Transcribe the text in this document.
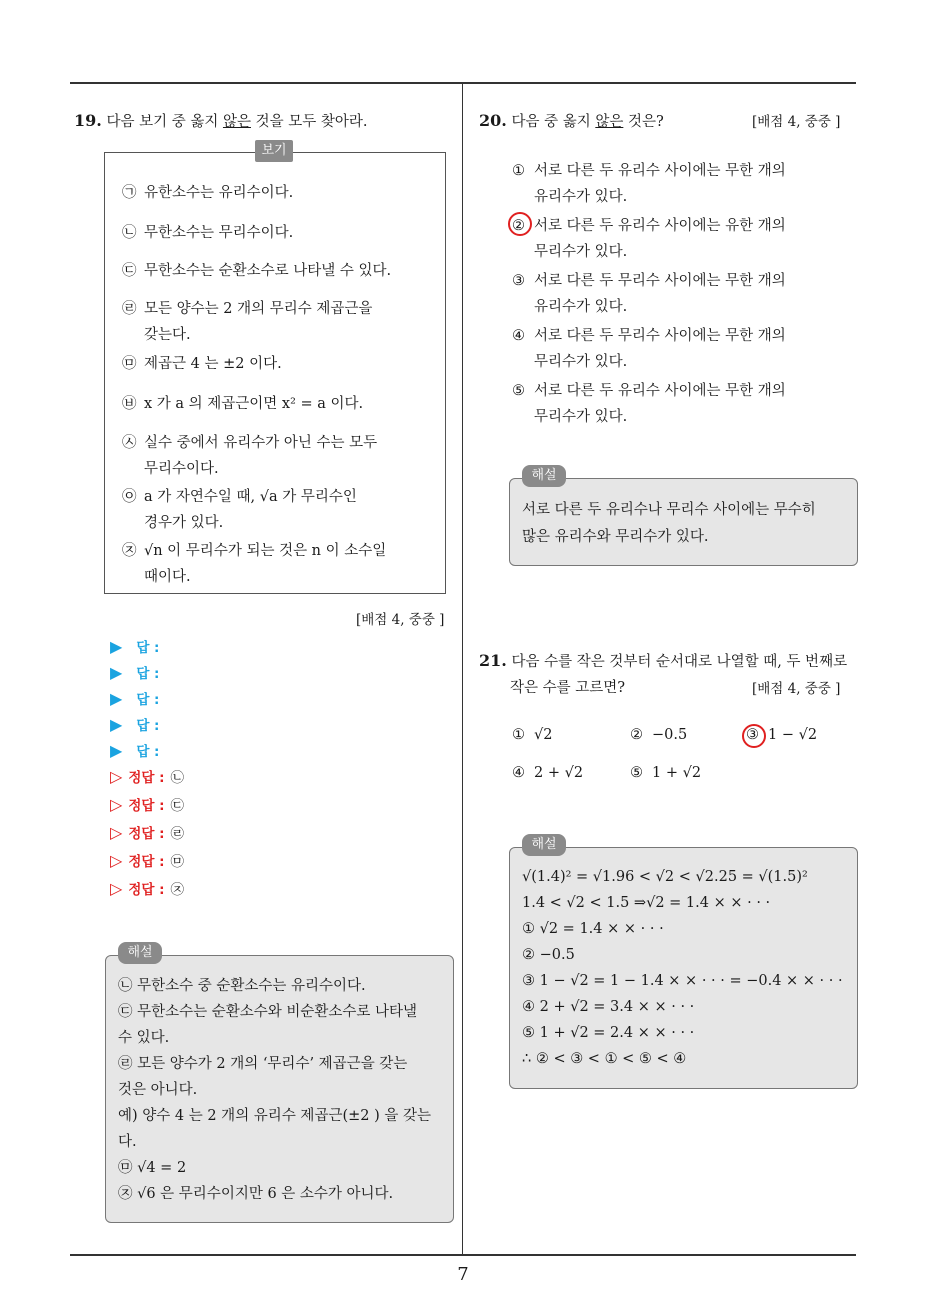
19. 다음 보기 중 옳지 않은 것을 모두 찾아라.
보기
㉠ 유한소수는 유리수이다.
㉡ 무한소수는 무리수이다.
㉢ 무한소수는 순환소수로 나타낼 수 있다.
㉣ 모든 양수는 2 개의 무리수 제곱근을
갖는다.
㉤ 제곱근 4 는 ±2 이다.
㉥ x 가 a 의 제곱근이면 x² = a 이다.
㉦ 실수 중에서 유리수가 아닌 수는 모두
무리수이다.
㉧ a 가 자연수일 때, √a 가 무리수인
경우가 있다.
㉨ √n 이 무리수가 되는 것은 n 이 소수일
때이다.
[배점 4, 중중 ]
▶ 답 :
▶ 답 :
▶ 답 :
▶ 답 :
▶ 답 :
▷ 정답 : ㉡
▷ 정답 : ㉢
▷ 정답 : ㉣
▷ 정답 : ㉤
▷ 정답 : ㉨
해설
㉡ 무한소수 중 순환소수는 유리수이다.
㉢ 무한소수는 순환소수와 비순환소수로 나타낼
수 있다.
㉣ 모든 양수가 2 개의 ‘무리수’ 제곱근을 갖는
것은 아니다.
예) 양수 4 는 2 개의 유리수 제곱근(±2 ) 을 갖는
다.
㉤ √4 = 2
㉨ √6 은 무리수이지만 6 은 소수가 아니다.
20. 다음 중 옳지 않은 것은?	[배점 4, 중중 ]
① 서로 다른 두 유리수 사이에는 무한 개의
유리수가 있다.
② 서로 다른 두 유리수 사이에는 유한 개의
무리수가 있다.
③ 서로 다른 두 무리수 사이에는 무한 개의
유리수가 있다.
④ 서로 다른 두 무리수 사이에는 무한 개의
무리수가 있다.
⑤ 서로 다른 두 유리수 사이에는 무한 개의
무리수가 있다.
해설
서로 다른 두 유리수나 무리수 사이에는 무수히
많은 유리수와 무리수가 있다.
21. 다음 수를 작은 것부터 순서대로 나열할 때, 두 번째로
작은 수를 고르면?	[배점 4, 중중 ]
① √2	② −0.5	③ 1 − √2
④ 2 + √2	⑤ 1 + √2
해설
√(1.4)² = √1.96 < √2 < √2.25 = √(1.5)²
1.4 < √2 < 1.5 ⇒√2 = 1.4 × × · · ·
① √2 = 1.4 × × · · ·
② −0.5
③ 1 − √2 = 1 − 1.4 × × · · · = −0.4 × × · · ·
④ 2 + √2 = 3.4 × × · · ·
⑤ 1 + √2 = 2.4 × × · · ·
∴ ② < ③ < ① < ⑤ < ④
7
